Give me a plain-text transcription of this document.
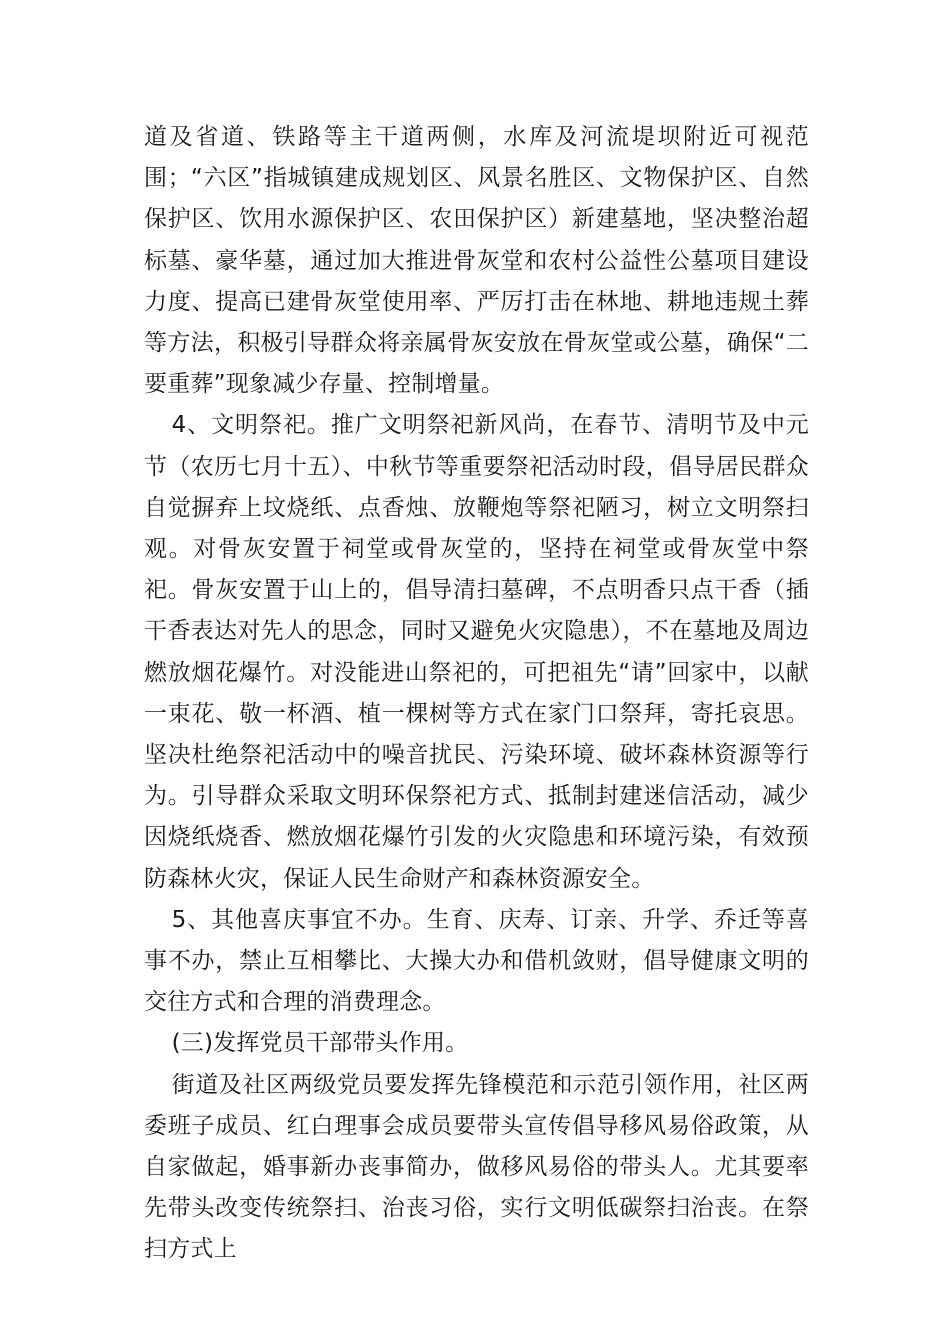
道及省道、铁路等主干道两侧，水库及河流堤坝附近可视范围；“六区”指城镇建成规划区、风景名胜区、文物保护区、自然保护区、饮用水源保护区、农田保护区）新建墓地，坚决整治超标墓、豪华墓，通过加大推进骨灰堂和农村公益性公墓项目建设力度、提高已建骨灰堂使用率、严厉打击在林地、耕地违规土葬等方法，积极引导群众将亲属骨灰安放在骨灰堂或公墓，确保“二要重葬”现象减少存量、控制增量。

4、文明祭祀。推广文明祭祀新风尚，在春节、清明节及中元节（农历七月十五）、中秋节等重要祭祀活动时段，倡导居民群众自觉摒弃上坟烧纸、点香烛、放鞭炮等祭祀陋习，树立文明祭扫观。对骨灰安置于祠堂或骨灰堂的，坚持在祠堂或骨灰堂中祭祀。骨灰安置于山上的，倡导清扫墓碑，不点明香只点干香（插干香表达对先人的思念，同时又避免火灾隐患），不在墓地及周边燃放烟花爆竹。对没能进山祭祀的，可把祖先“请”回家中，以献一束花、敬一杯酒、植一棵树等方式在家门口祭拜，寄托哀思。坚决杜绝祭祀活动中的噪音扰民、污染环境、破坏森林资源等行为。引导群众采取文明环保祭祀方式、抵制封建迷信活动，减少因烧纸烧香、燃放烟花爆竹引发的火灾隐患和环境污染，有效预防森林火灾，保证人民生命财产和森林资源安全。

5、其他喜庆事宜不办。生育、庆寿、订亲、升学、乔迁等喜事不办，禁止互相攀比、大操大办和借机敛财，倡导健康文明的交往方式和合理的消费理念。

(三)发挥党员干部带头作用。

街道及社区两级党员要发挥先锋模范和示范引领作用，社区两委班子成员、红白理事会成员要带头宣传倡导移风易俗政策，从自家做起，婚事新办丧事简办，做移风易俗的带头人。尤其要率先带头改变传统祭扫、治丧习俗，实行文明低碳祭扫治丧。在祭扫方式上
